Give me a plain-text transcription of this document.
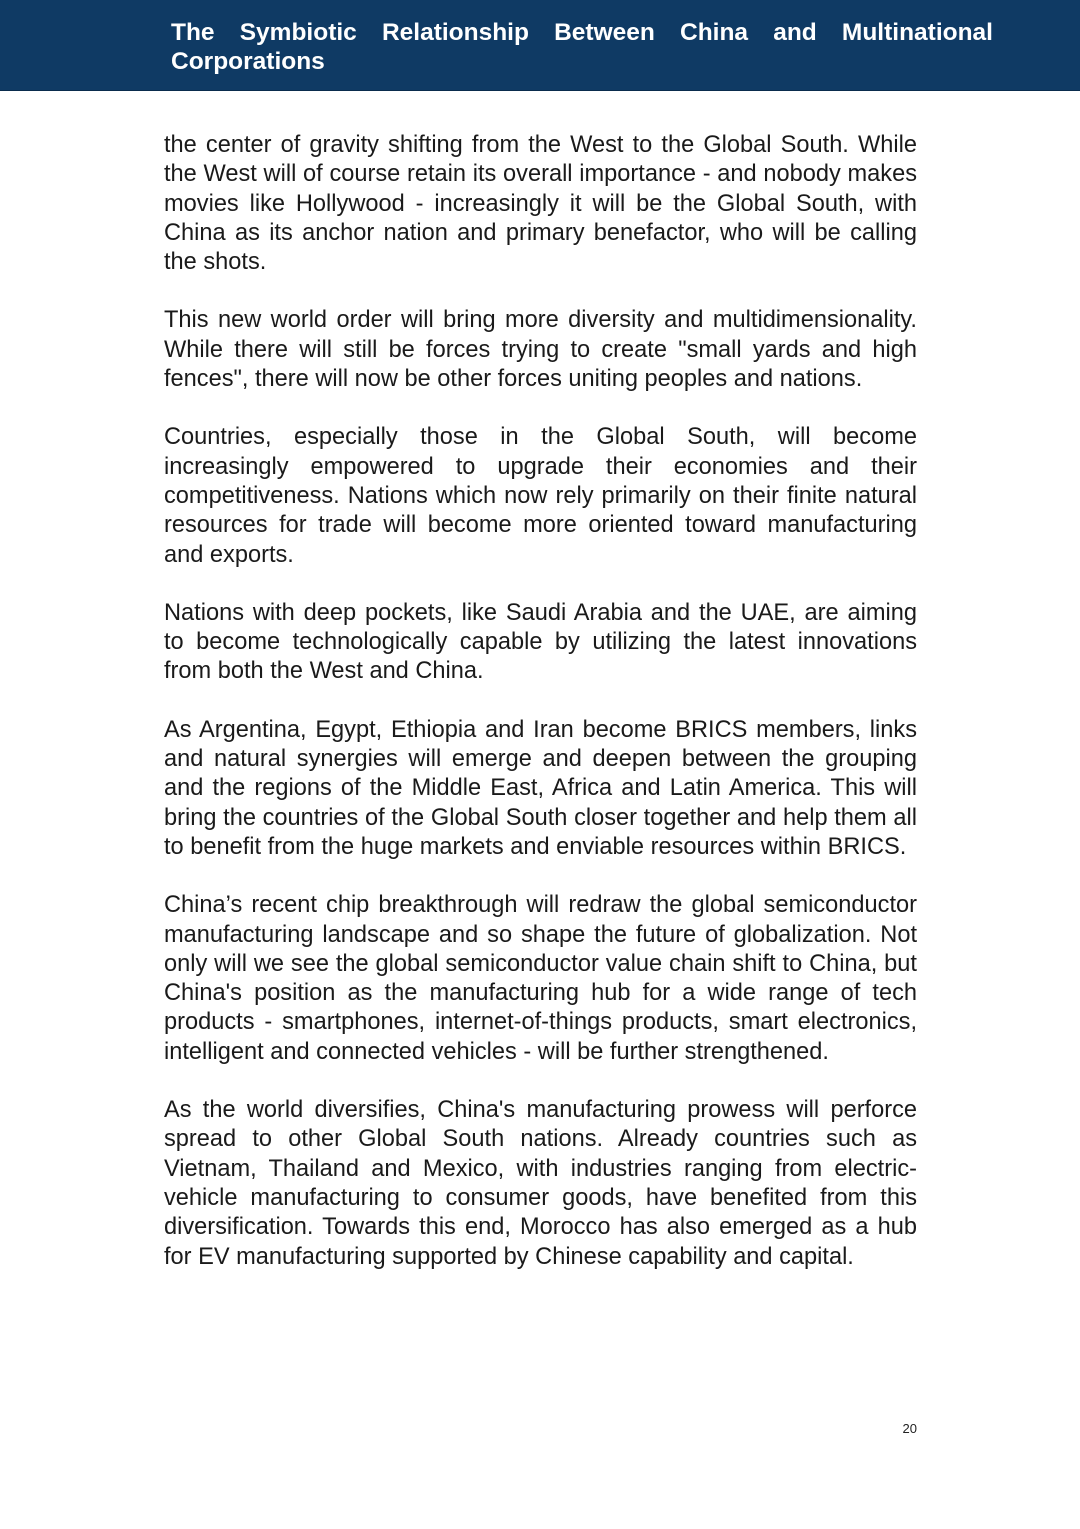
The Symbiotic Relationship Between China and Multinational Corporations

the center of gravity shifting from the West to the Global South. While the West will of course retain its overall importance - and nobody makes movies like Hollywood - increasingly it will be the Global South, with China as its anchor nation and primary benefactor, who will be calling the shots.

This new world order will bring more diversity and multidimensionality. While there will still be forces trying to create "small yards and high fences", there will now be other forces uniting peoples and nations.

Countries, especially those in the Global South, will become increasingly empowered to upgrade their economies and their competitiveness. Nations which now rely primarily on their finite natural resources for trade will become more oriented toward manufacturing and exports.

Nations with deep pockets, like Saudi Arabia and the UAE, are aiming to become technologically capable by utilizing the latest innovations from both the West and China.

As Argentina, Egypt, Ethiopia and Iran become BRICS members, links and natural synergies will emerge and deepen between the grouping and the regions of the Middle East, Africa and Latin America. This will bring the countries of the Global South closer together and help them all to benefit from the huge markets and enviable resources within BRICS.

China’s recent chip breakthrough will redraw the global semiconductor manufacturing landscape and so shape the future of globalization. Not only will we see the global semiconductor value chain shift to China, but China's position as the manufacturing hub for a wide range of tech products - smartphones, internet-of-things products, smart electronics, intelligent and connected vehicles - will be further strengthened.

As the world diversifies, China's manufacturing prowess will perforce spread to other Global South nations. Already countries such as Vietnam, Thailand and Mexico, with industries ranging from electric-vehicle manufacturing to consumer goods, have benefited from this diversification. Towards this end, Morocco has also emerged as a hub for EV manufacturing supported by Chinese capability and capital.

20
